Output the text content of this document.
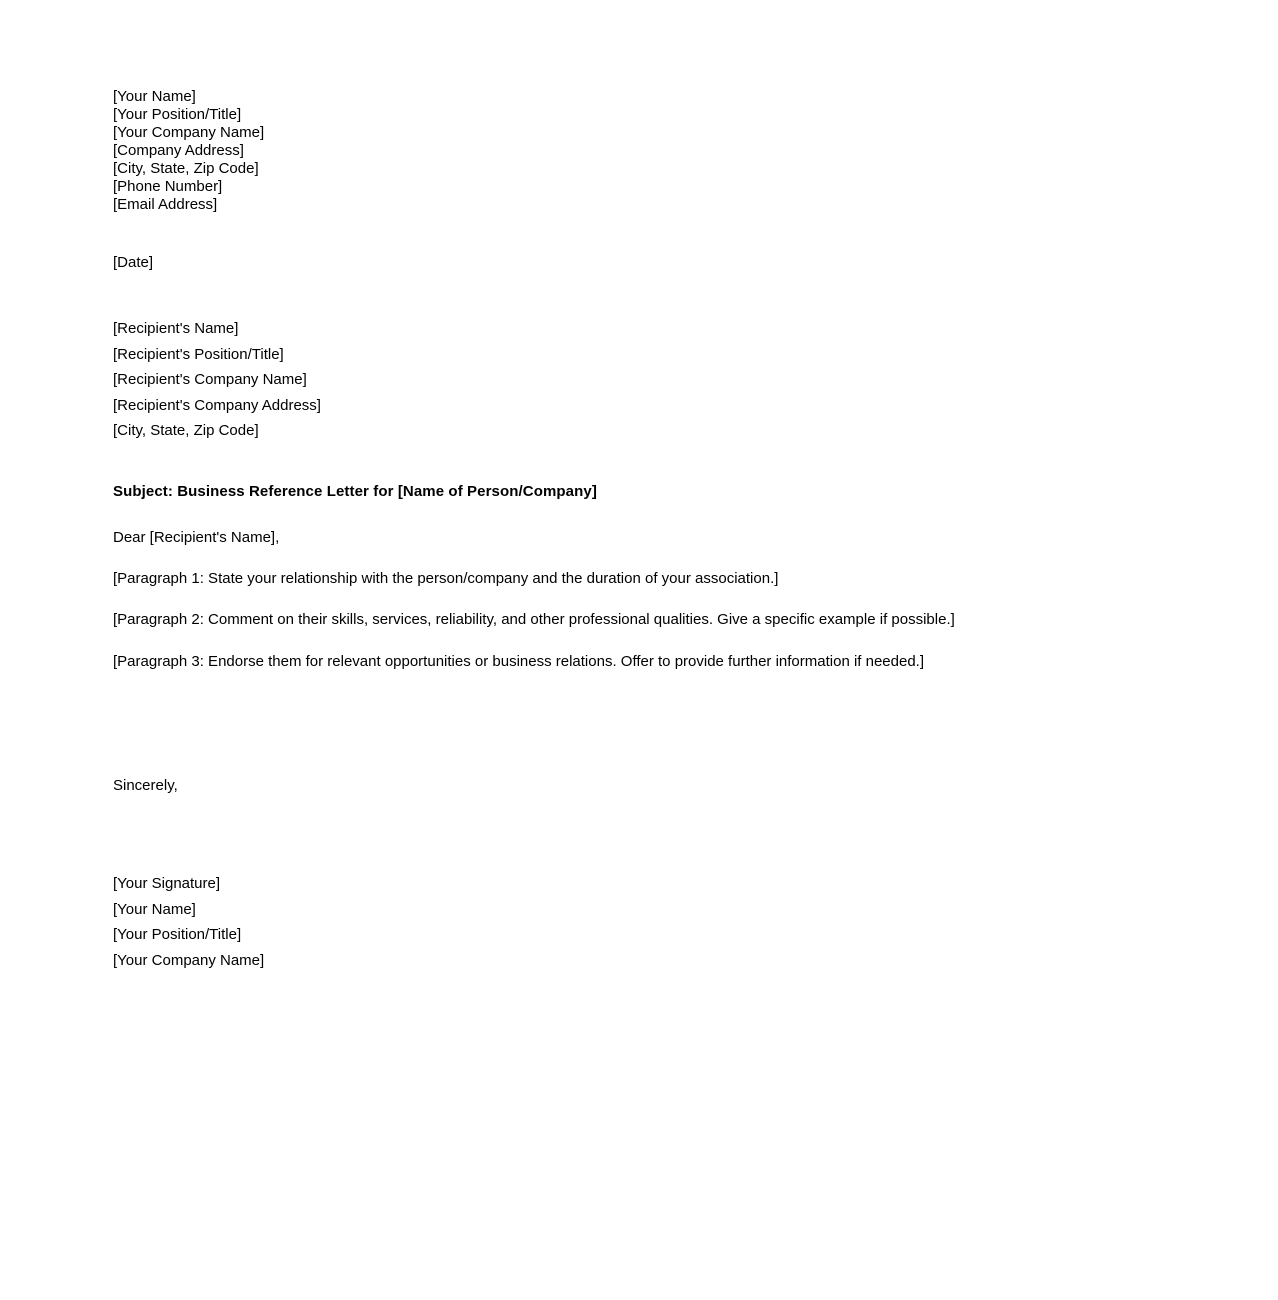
[Your Name]
[Your Position/Title]
[Your Company Name]
[Company Address]
[City, State, Zip Code]
[Phone Number]
[Email Address]
[Date]
[Recipient's Name]
[Recipient's Position/Title]
[Recipient's Company Name]
[Recipient's Company Address]
[City, State, Zip Code]
Subject: Business Reference Letter for [Name of Person/Company]
Dear [Recipient's Name],
[Paragraph 1: State your relationship with the person/company and the duration of your association.]
[Paragraph 2: Comment on their skills, services, reliability, and other professional qualities. Give a specific example if possible.]
[Paragraph 3: Endorse them for relevant opportunities or business relations. Offer to provide further information if needed.]
Sincerely,
[Your Signature]
[Your Name]
[Your Position/Title]
[Your Company Name]
